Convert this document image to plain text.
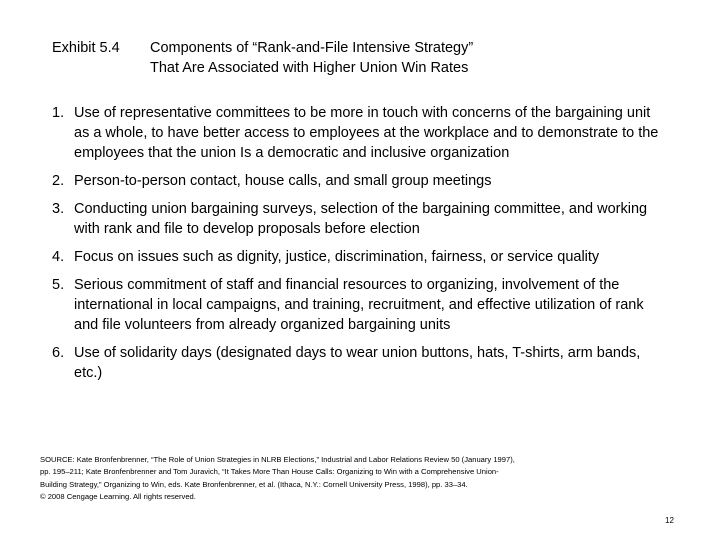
Exhibit 5.4 Components of “Rank-and-File Intensive Strategy”
That Are Associated with Higher Union Win Rates
1. Use of representative committees to be more in touch with concerns of the bargaining unit as a whole, to have better access to employees at the workplace and to demonstrate to the employees that the union Is a democratic and inclusive organization
2. Person-to-person contact, house calls, and small group meetings
3. Conducting union bargaining surveys, selection of the bargaining committee, and working with rank and file to develop proposals before election
4. Focus on issues such as dignity, justice, discrimination, fairness, or service quality
5. Serious commitment of staff and financial resources to organizing, involvement of the international in local campaigns, and training, recruitment, and effective utilization of rank and file volunteers from already organized bargaining units
6. Use of solidarity days (designated days to wear union buttons, hats, T-shirts, arm bands, etc.)
SOURCE: Kate Bronfenbrenner, “The Role of Union Strategies in NLRB Elections,” Industrial and Labor Relations Review 50 (January 1997),
pp. 195–211; Kate Bronfenbrenner and Tom Juravich, “It Takes More Than House Calls: Organizing to Win with a Comprehensive Union-
Building Strategy,” Organizing to Win, eds. Kate Bronfenbrenner, et al. (Ithaca, N.Y.: Cornell University Press, 1998), pp. 33–34.
© 2008 Cengage Learning. All rights reserved.
12
